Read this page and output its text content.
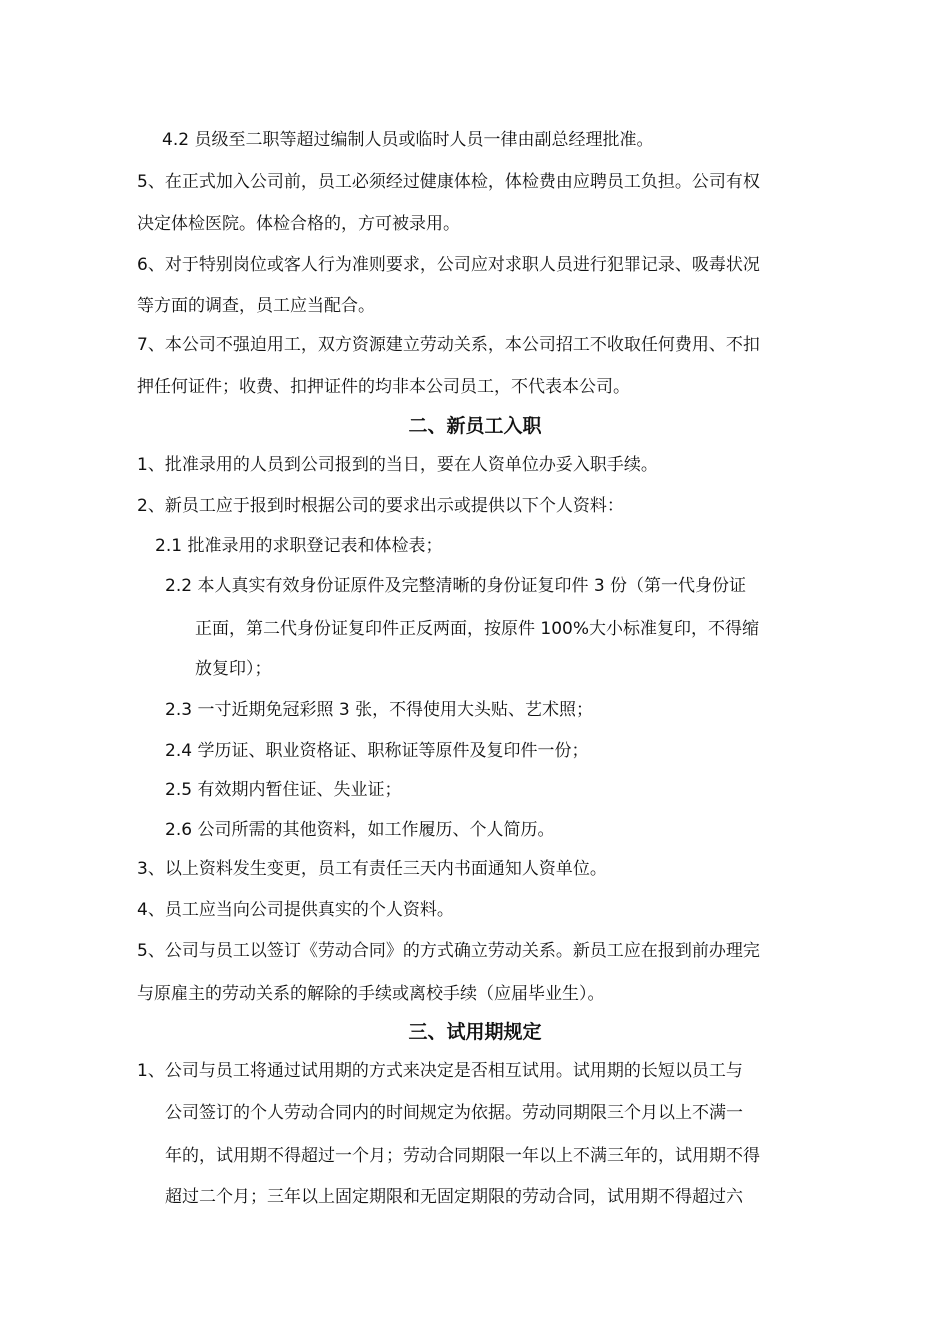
4.2 员级至二职等超过编制人员或临时人员一律由副总经理批准。
5、在正式加入公司前，员工必须经过健康体检，体检费由应聘员工负担。公司有权
决定体检医院。体检合格的，方可被录用。
6、对于特别岗位或客人行为准则要求，公司应对求职人员进行犯罪记录、吸毒状况
等方面的调查，员工应当配合。
7、本公司不强迫用工，双方资源建立劳动关系，本公司招工不收取任何费用、不扣
押任何证件；收费、扣押证件的均非本公司员工，不代表本公司。
二、新员工入职
1、批准录用的人员到公司报到的当日，要在人资单位办妥入职手续。
2、新员工应于报到时根据公司的要求出示或提供以下个人资料：
2.1 批准录用的求职登记表和体检表；
2.2 本人真实有效身份证原件及完整清晰的身份证复印件 3 份（第一代身份证
正面，第二代身份证复印件正反两面，按原件 100%大小标准复印，不得缩
放复印）；
2.3 一寸近期免冠彩照 3 张，不得使用大头贴、艺术照；
2.4 学历证、职业资格证、职称证等原件及复印件一份；
2.5 有效期内暂住证、失业证；
2.6 公司所需的其他资料，如工作履历、个人简历。
3、以上资料发生变更，员工有责任三天内书面通知人资单位。
4、员工应当向公司提供真实的个人资料。
5、公司与员工以签订《劳动合同》的方式确立劳动关系。新员工应在报到前办理完
与原雇主的劳动关系的解除的手续或离校手续（应届毕业生）。
三、试用期规定
1、公司与员工将通过试用期的方式来决定是否相互试用。试用期的长短以员工与
公司签订的个人劳动合同内的时间规定为依据。劳动同期限三个月以上不满一
年的，试用期不得超过一个月；劳动合同期限一年以上不满三年的，试用期不得
超过二个月；三年以上固定期限和无固定期限的劳动合同，试用期不得超过六
